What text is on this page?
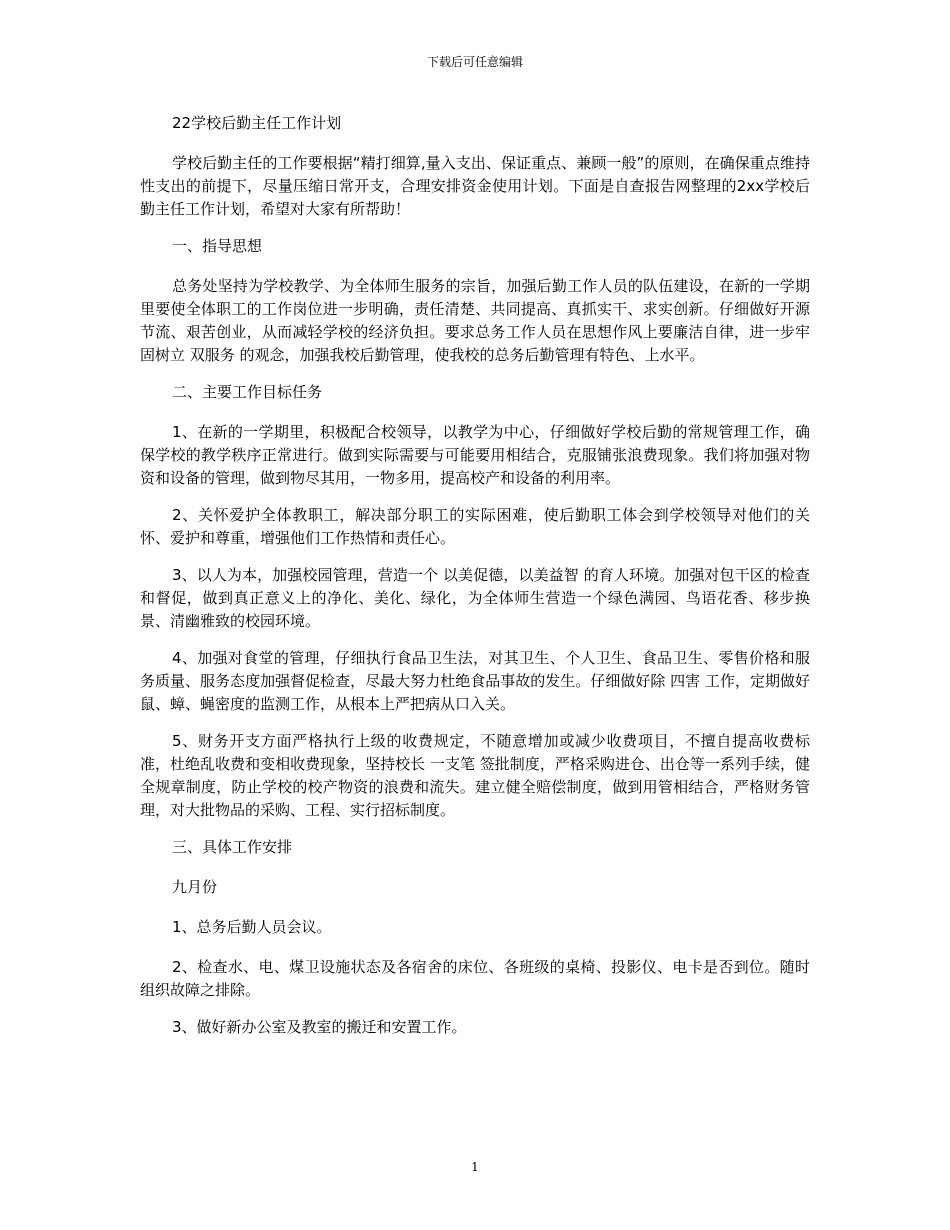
下载后可任意编辑

22学校后勤主任工作计划

学校后勤主任的工作要根据“精打细算,量入支出、保证重点、兼顾一般”的原则，在确保重点维持性支出的前提下，尽量压缩日常开支，合理安排资金使用计划。下面是自查报告网整理的2xx学校后勤主任工作计划，希望对大家有所帮助！

一、指导思想

总务处坚持为学校教学、为全体师生服务的宗旨，加强后勤工作人员的队伍建设，在新的一学期里要使全体职工的工作岗位进一步明确，责任清楚、共同提高、真抓实干、求实创新。仔细做好开源节流、艰苦创业，从而减轻学校的经济负担。要求总务工作人员在思想作风上要廉洁自律，进一步牢固树立 双服务 的观念，加强我校后勤管理，使我校的总务后勤管理有特色、上水平。

二、主要工作目标任务

1、在新的一学期里，积极配合校领导，以教学为中心，仔细做好学校后勤的常规管理工作，确保学校的教学秩序正常进行。做到实际需要与可能要用相结合，克服铺张浪费现象。我们将加强对物资和设备的管理，做到物尽其用，一物多用，提高校产和设备的利用率。

2、关怀爱护全体教职工，解决部分职工的实际困难，使后勤职工体会到学校领导对他们的关怀、爱护和尊重，增强他们工作热情和责任心。

3、以人为本，加强校园管理，营造一个 以美促德，以美益智 的育人环境。加强对包干区的检查和督促，做到真正意义上的净化、美化、绿化，为全体师生营造一个绿色满园、鸟语花香、移步换景、清幽雅致的校园环境。

4、加强对食堂的管理，仔细执行食品卫生法，对其卫生、个人卫生、食品卫生、零售价格和服务质量、服务态度加强督促检查，尽最大努力杜绝食品事故的发生。仔细做好除 四害 工作，定期做好鼠、蟑、蝇密度的监测工作，从根本上严把病从口入关。

5、财务开支方面严格执行上级的收费规定，不随意增加或减少收费项目，不擅自提高收费标准，杜绝乱收费和变相收费现象，坚持校长 一支笔 签批制度，严格采购进仓、出仓等一系列手续，健全规章制度，防止学校的校产物资的浪费和流失。建立健全赔偿制度，做到用管相结合，严格财务管理，对大批物品的采购、工程、实行招标制度。

三、具体工作安排

九月份

1、总务后勤人员会议。

2、检查水、电、煤卫设施状态及各宿舍的床位、各班级的桌椅、投影仪、电卡是否到位。随时组织故障之排除。

3、做好新办公室及教室的搬迁和安置工作。

1
